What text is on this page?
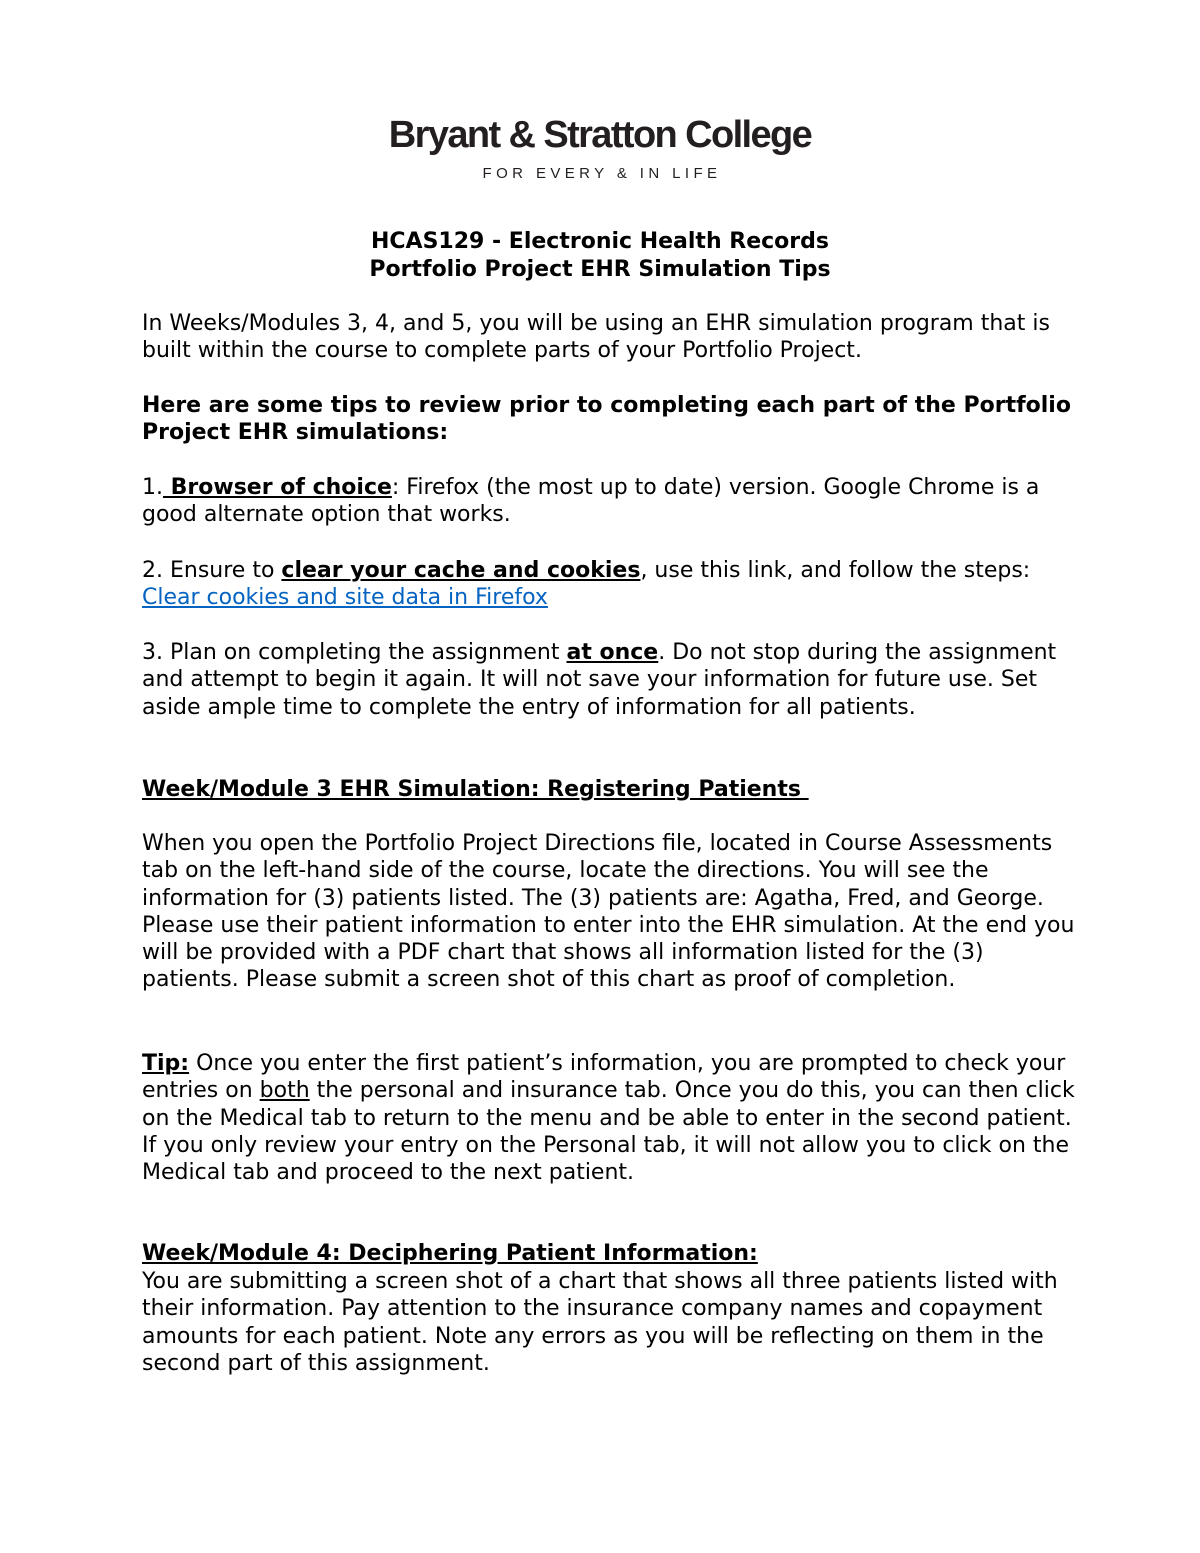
Bryant & Stratton College
FOR EVERY & IN LIFE
HCAS129 - Electronic Health Records
Portfolio Project EHR Simulation Tips

In Weeks/Modules 3, 4, and 5, you will be using an EHR simulation program that is built within the course to complete parts of your Portfolio Project.

Here are some tips to review prior to completing each part of the Portfolio Project EHR simulations:

1. Browser of choice: Firefox (the most up to date) version. Google Chrome is a good alternate option that works.

2. Ensure to clear your cache and cookies, use this link, and follow the steps: Clear cookies and site data in Firefox

3. Plan on completing the assignment at once. Do not stop during the assignment and attempt to begin it again. It will not save your information for future use. Set aside ample time to complete the entry of information for all patients.

Week/Module 3 EHR Simulation: Registering Patients

When you open the Portfolio Project Directions file, located in Course Assessments tab on the left-hand side of the course, locate the directions. You will see the information for (3) patients listed. The (3) patients are: Agatha, Fred, and George. Please use their patient information to enter into the EHR simulation. At the end you will be provided with a PDF chart that shows all information listed for the (3) patients. Please submit a screen shot of this chart as proof of completion.

Tip: Once you enter the first patient’s information, you are prompted to check your entries on both the personal and insurance tab. Once you do this, you can then click on the Medical tab to return to the menu and be able to enter in the second patient. If you only review your entry on the Personal tab, it will not allow you to click on the Medical tab and proceed to the next patient.

Week/Module 4: Deciphering Patient Information:

You are submitting a screen shot of a chart that shows all three patients listed with their information. Pay attention to the insurance company names and copayment amounts for each patient. Note any errors as you will be reflecting on them in the second part of this assignment.
